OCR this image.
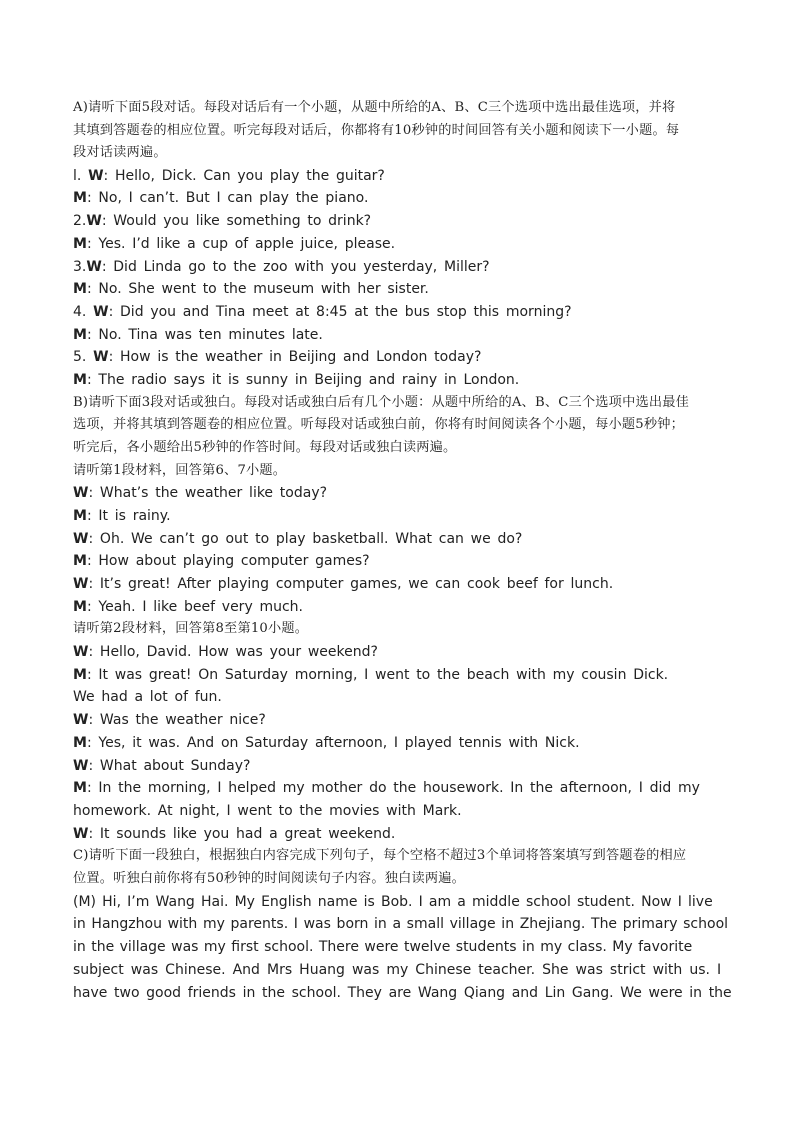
A)请听下面5段对话。每段对话后有一个小题，从题中所给的A、B、C三个选项中选出最佳选项，并将

其填到答题卷的相应位置。听完每段对话后，你都将有10秒钟的时间回答有关小题和阅读下一小题。每

段对话读两遍。

l. W: Hello, Dick. Can you play the guitar?

M: No, I can’t. But I can play the piano.

2.W: Would you like something to drink?

M: Yes. I’d like a cup of apple juice, please.

3.W: Did Linda go to the zoo with you yesterday, Miller?

M: No. She went to the museum with her sister.

4. W: Did you and Tina meet at 8:45 at the bus stop this morning?

M: No. Tina was ten minutes late.

5. W: How is the weather in Beijing and London today?

M: The radio says it is sunny in Beijing and rainy in London.

B)请听下面3段对话或独白。每段对话或独白后有几个小题：从题中所给的A、B、C三个选项中选出最佳

选项，并将其填到答题卷的相应位置。听每段对话或独白前，你将有时间阅读各个小题，每小题5秒钟；

听完后，各小题给出5秒钟的作答时间。每段对话或独白读两遍。

请听第1段材料，回答第6、7小题。

W: What’s the weather like today?

M: It is rainy.

W: Oh. We can’t go out to play basketball. What can we do?

M: How about playing computer games?

W: It’s great! After playing computer games, we can cook beef for lunch.

M: Yeah. I like beef very much.

请听第2段材料，回答第8至第10小题。

W: Hello, David. How was your weekend?

M: It was great! On Saturday morning, I went to the beach with my cousin Dick.

We had a lot of fun.

W: Was the weather nice?

M: Yes, it was. And on Saturday afternoon, I played tennis with Nick.

W: What about Sunday?

M: In the morning, I helped my mother do the housework. In the afternoon, I did my

homework. At night, I went to the movies with Mark.

W: It sounds like you had a great weekend.

C)请听下面一段独白，根据独白内容完成下列句子，每个空格不超过3个单词将答案填写到答题卷的相应

位置。听独白前你将有50秒钟的时间阅读句子内容。独白读两遍。

(M) Hi, I’m Wang Hai. My English name is Bob. I am a middle school student. Now I live
in Hangzhou with my parents. I was born in a small village in Zhejiang. The primary school
in the village was my first school. There were twelve students in my class. My favorite
subject was Chinese. And Mrs Huang was my Chinese teacher. She was strict with us. I
have two good friends in the school. They are Wang Qiang and Lin Gang. We were in the
